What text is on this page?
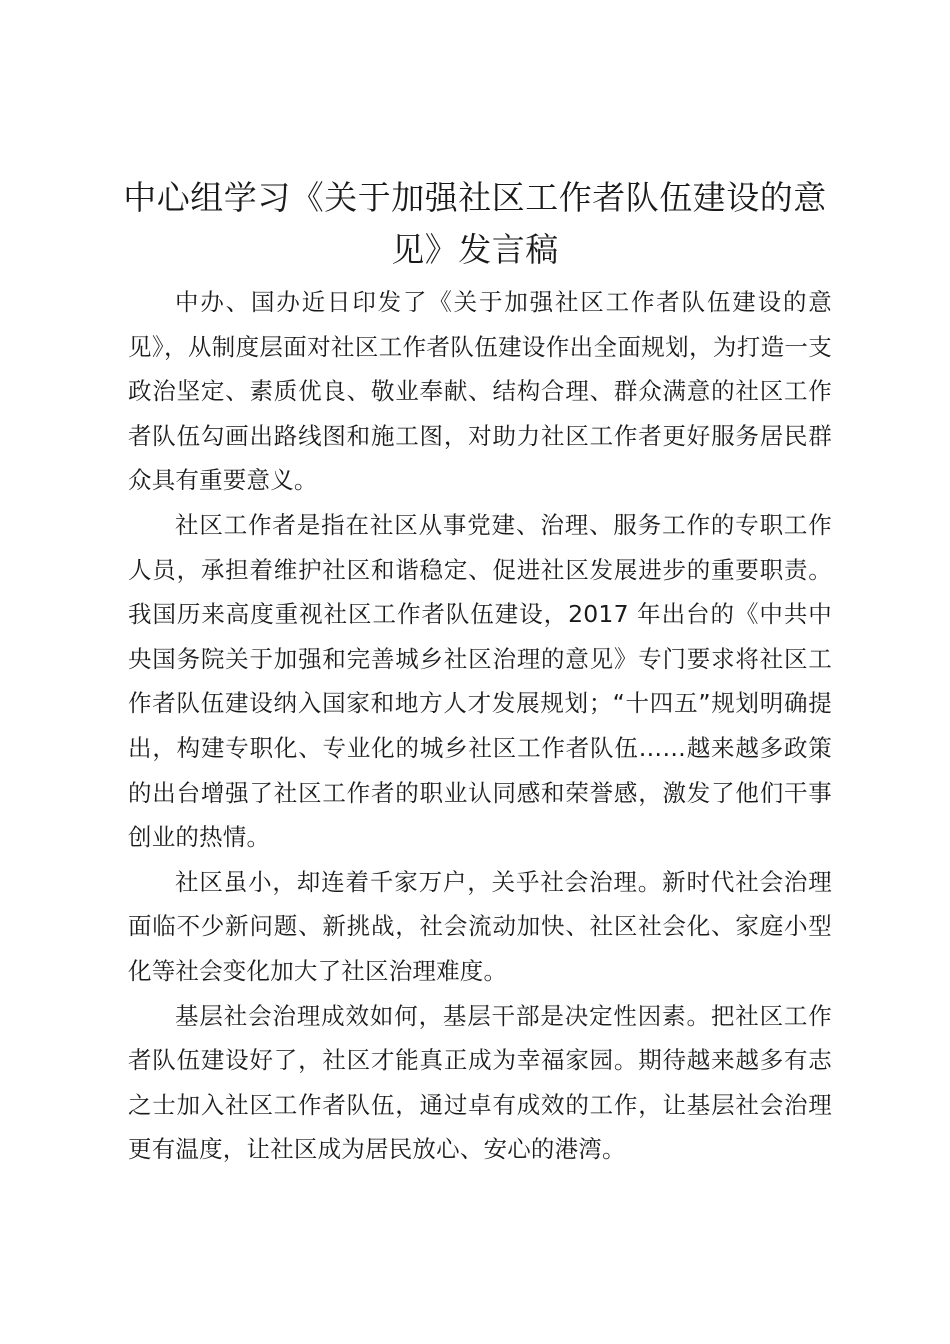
中心组学习《关于加强社区工作者队伍建设的意见》发言稿

中办、国办近日印发了《关于加强社区工作者队伍建设的意见》，从制度层面对社区工作者队伍建设作出全面规划，为打造一支政治坚定、素质优良、敬业奉献、结构合理、群众满意的社区工作者队伍勾画出路线图和施工图，对助力社区工作者更好服务居民群众具有重要意义。

社区工作者是指在社区从事党建、治理、服务工作的专职工作人员，承担着维护社区和谐稳定、促进社区发展进步的重要职责。我国历来高度重视社区工作者队伍建设，2017 年出台的《中共中央国务院关于加强和完善城乡社区治理的意见》专门要求将社区工作者队伍建设纳入国家和地方人才发展规划；“十四五”规划明确提出，构建专职化、专业化的城乡社区工作者队伍……越来越多政策的出台增强了社区工作者的职业认同感和荣誉感，激发了他们干事创业的热情。

社区虽小，却连着千家万户，关乎社会治理。新时代社会治理面临不少新问题、新挑战，社会流动加快、社区社会化、家庭小型化等社会变化加大了社区治理难度。

基层社会治理成效如何，基层干部是决定性因素。把社区工作者队伍建设好了，社区才能真正成为幸福家园。期待越来越多有志之士加入社区工作者队伍，通过卓有成效的工作，让基层社会治理更有温度，让社区成为居民放心、安心的港湾。
